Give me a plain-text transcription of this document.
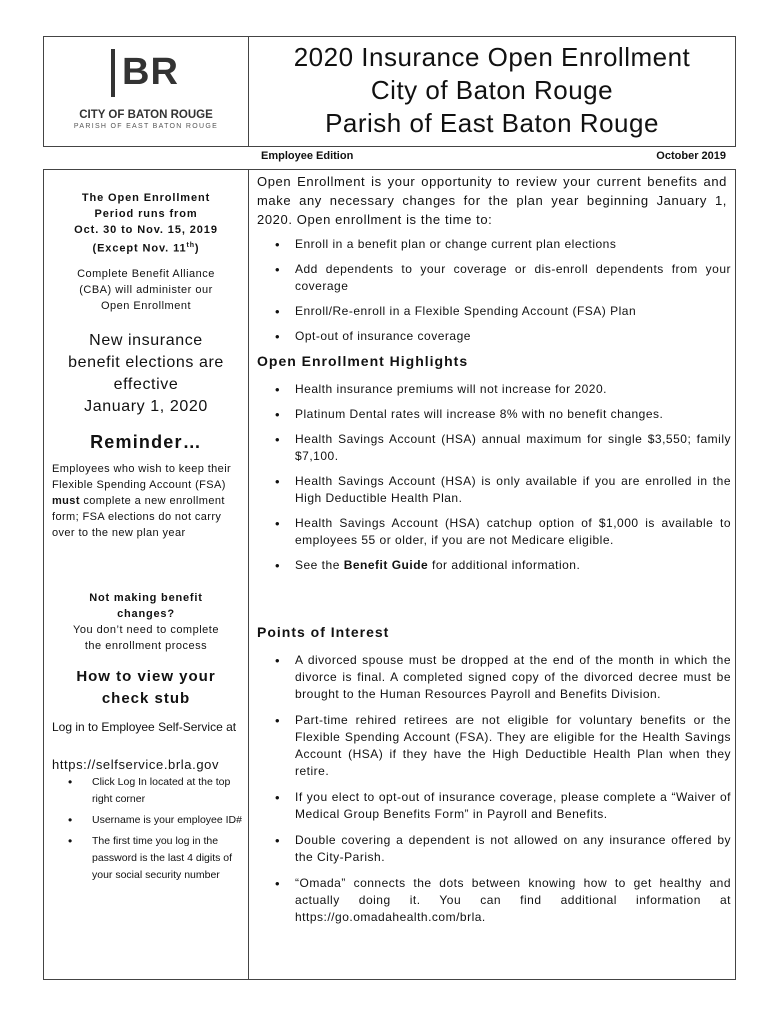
BR
CITY OF BATON ROUGE
PARISH OF EAST BATON ROUGE
2020 Insurance Open Enrollment
City of Baton Rouge
Parish of East Baton Rouge
Employee Edition	October 2019
The Open Enrollment
Period runs from
Oct. 30 to Nov. 15, 2019
(Except Nov. 11th)
Complete Benefit Alliance
(CBA) will administer our
Open Enrollment
New insurance
benefit elections are
effective
January 1, 2020
Reminder…
Employees who wish to keep their Flexible Spending Account (FSA) must complete a new enrollment form; FSA elections do not carry over to the new plan year
Not making benefit
changes?
You don’t need to complete
the enrollment process
How to view your
check stub
Log in to Employee Self-Service at
https://selfservice.brla.gov
• Click Log In located at the top right corner
• Username is your employee ID#
• The first time you log in the password is the last 4 digits of your social security number
Open Enrollment is your opportunity to review your current benefits and make any necessary changes for the plan year beginning January 1, 2020. Open enrollment is the time to:
• Enroll in a benefit plan or change current plan elections
• Add dependents to your coverage or dis-enroll dependents from your coverage
• Enroll/Re-enroll in a Flexible Spending Account (FSA) Plan
• Opt-out of insurance coverage
Open Enrollment Highlights
• Health insurance premiums will not increase for 2020.
• Platinum Dental rates will increase 8% with no benefit changes.
• Health Savings Account (HSA) annual maximum for single $3,550; family $7,100.
• Health Savings Account (HSA) is only available if you are enrolled in the High Deductible Health Plan.
• Health Savings Account (HSA) catchup option of $1,000 is available to employees 55 or older, if you are not Medicare eligible.
• See the Benefit Guide for additional information.
Points of Interest
• A divorced spouse must be dropped at the end of the month in which the divorce is final. A completed signed copy of the divorced decree must be brought to the Human Resources Payroll and Benefits Division.
• Part-time rehired retirees are not eligible for voluntary benefits or the Flexible Spending Account (FSA). They are eligible for the Health Savings Account (HSA) if they have the High Deductible Health Plan when they retire.
• If you elect to opt-out of insurance coverage, please complete a “Waiver of Medical Group Benefits Form” in Payroll and Benefits.
• Double covering a dependent is not allowed on any insurance offered by the City-Parish.
• “Omada” connects the dots between knowing how to get healthy and actually doing it. You can find additional information at https://go.omadahealth.com/brla.
